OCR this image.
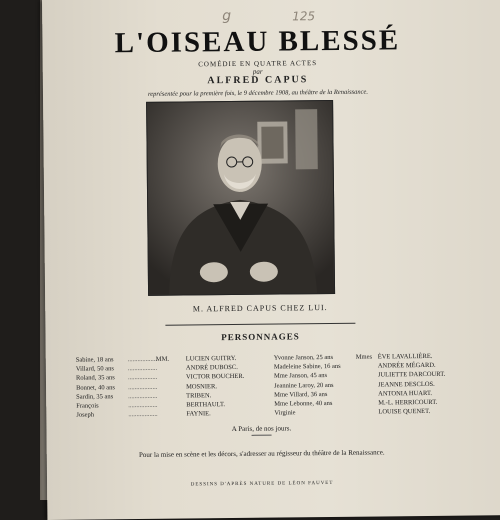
g	125
L'OISEAU BLESSÉ
COMÉDIE EN QUATRE ACTES
par
ALFRED CAPUS
représentée pour la première fois, le 9 décembre 1908, au théâtre de la Renaissance.
M. ALFRED CAPUS CHEZ LUI.
PERSONNAGES
Sabine, 18 ans
Villard, 50 ans
Roland, 35 ans
Bonnet, 40 ans
Sardin, 35 ans
François
Joseph
..................
..................
..................
..................
..................
..................
..................
MM.	LUCIEN GUITRY.
ANDRÉ DUBOSC.
VICTOR BOUCHER.
MOSNIER.
TRIBEN.
BERTHAULT.
FAYNIE.
Yvonne Janson, 25 ans
Madeleine Sabine, 16 ans
Mme Janson, 45 ans
Jeannine Laroy, 20 ans
Mme Villard, 36 ans
Mme Lebonne, 40 ans
Virginie
Mmes ÈVE LAVALLIÈRE.
ANDRÉE MÉGARD.
JULIETTE DARCOURT.
JEANNE DESCLOS.
ANTONIA HUART.
M.-L. HERRICOURT.
LOUISE QUENET.
A Paris, de nos jours.
Pour la mise en scène et les décors, s'adresser au régisseur du théâtre de la Renaissance.
DESSINS D'APRÈS NATURE DE LÉON FAUVET
